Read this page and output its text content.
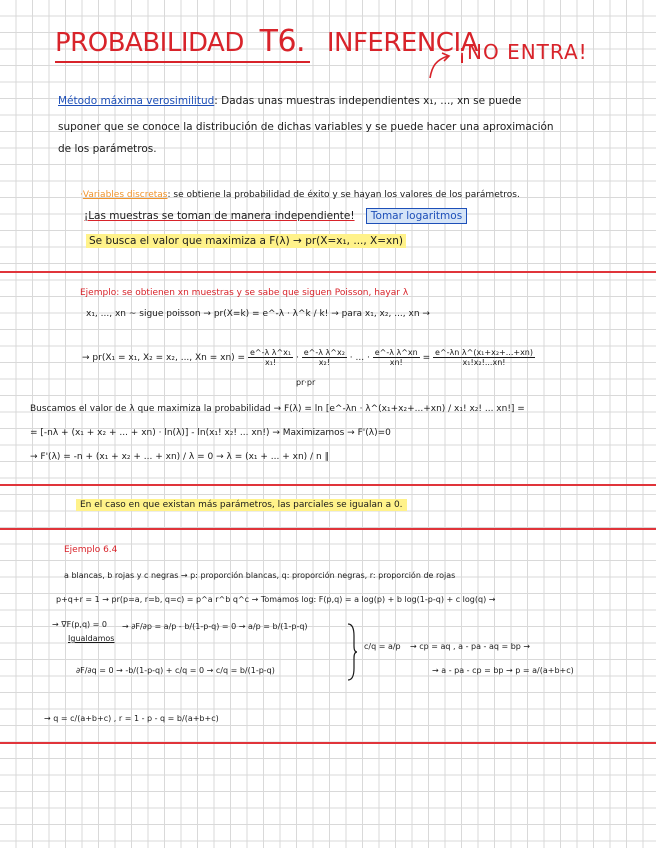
PROBABILIDAD T6. INFERENCIA
¡NO ENTRA!
Método máxima verosimilitud: Dadas unas muestras independientes x₁, ..., xn se puede
suponer que se conoce la distribución de dichas variables y se puede hacer una aproximación
de los parámetros.
·Variables discretas: se obtiene la probabilidad de éxito y se hayan los valores de los parámetros.
¡Las muestras se toman de manera independiente! Tomar logaritmos
Se busca el valor que maximiza a F(λ) → pr(X=x₁, ..., X=xn)
Ejemplo: se obtienen xn muestras y se sabe que siguen Poisson, hayar λ
x₁, ..., xn ~ sigue poisson → pr(X=k) = e^-λ · λ^k / k! → para x₁, x₂, ..., xn →
→ pr(X₁ = x₁, X₂ = x₂, ..., $Xn = xn) = \frac{\text{e\textasciicircum{}-λ λ\textasciicircum{}x₁}}{\text{x₁!}} \cdot \frac{\text{e\textasciicircum{}-λ λ\textasciicircum{}x₂}}{\text{x₂!}}$ · ... · $\frac{\text{e\textasciicircum{}-λ λ\textasciicircum{}xn}}{xn!} = \frac{\text{e\textasciicircum{}-λn λ\textasciicircum{}(x₁+x₂+...+xn)}}{\text{x₁!x₂!...xn!}}$
pr·pr
Buscamos el valor de λ que maximiza la probabilidad → F(λ) = ln [e^-λn · λ^(x₁+x₂+...+xn) / x₁! x₂! ... xn!] =
= [-nλ + (x₁ + x₂ + ... + xn) · ln(λ)] - ln(x₁! x₂! ... xn!) → Maximizamos → F'(λ)=0
→ F'(λ) = -n + (x₁ + x₂ + ... + xn) / λ = 0 → λ = (x₁ + ... + xn) / n ∥
En el caso en que existan más parámetros, las parciales se igualan a 0.
Ejemplo 6.4
a blancas, b rojas y c negras → p: proporción blancas, q: proporción negras, r: proporción de rojas
p+q+r = 1 → pr(p=a, r=b, q=c) = p^a r^b q^c → Tomamos log: F(p,q) = a log(p) + b log(1-p-q) + c log(q) →
→ ∇F(p,q) = 0
Igualdamos
→ ∂F/∂p = a/p - b/(1-p-q) = 0 → a/p = b/(1-p-q)
∂F/∂q = 0 → -b/(1-p-q) + c/q = 0 → c/q = b/(1-p-q)
c/q = a/p → cp = aq , a - pa - aq = bp →
→ a - pa - cp = bp → p = a/(a+b+c)
→ q = c/(a+b+c) , r = 1 - p - q = b/(a+b+c)
